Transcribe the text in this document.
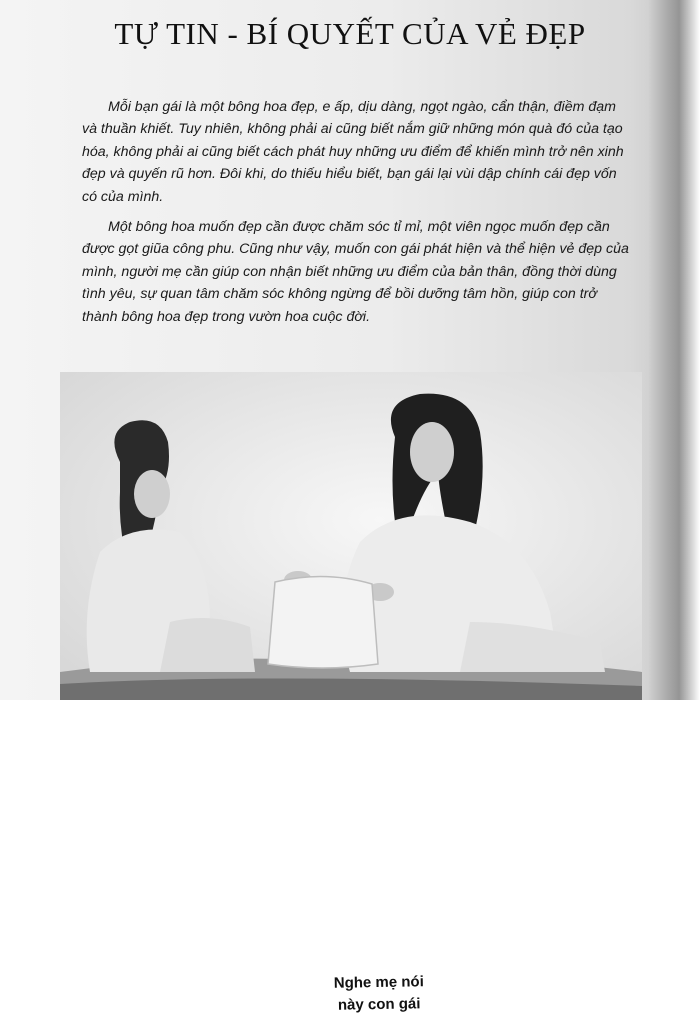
TỰ TIN - BÍ QUYẾT CỦA VẺ ĐẸP

Mỗi bạn gái là một bông hoa đẹp, e ấp, dịu dàng, ngọt ngào, cẩn thận, điềm đạm và thuần khiết. Tuy nhiên, không phải ai cũng biết nắm giữ những món quà đó của tạo hóa, không phải ai cũng biết cách phát huy những ưu điểm để khiến mình trở nên xinh đẹp và quyến rũ hơn. Đôi khi, do thiếu hiểu biết, bạn gái lại vùi dập chính cái đẹp vốn có của mình.

Một bông hoa muốn đẹp cần được chăm sóc tỉ mỉ, một viên ngọc muốn đẹp cần được gọt giũa công phu. Cũng như vậy, muốn con gái phát hiện và thể hiện vẻ đẹp của mình, người mẹ cần giúp con nhận biết những ưu điểm của bản thân, đồng thời dùng tình yêu, sự quan tâm chăm sóc không ngừng để bồi dưỡng tâm hồn, giúp con trở thành bông hoa đẹp trong vườn hoa cuộc đời.

Nghe mẹ nói
này con gái
